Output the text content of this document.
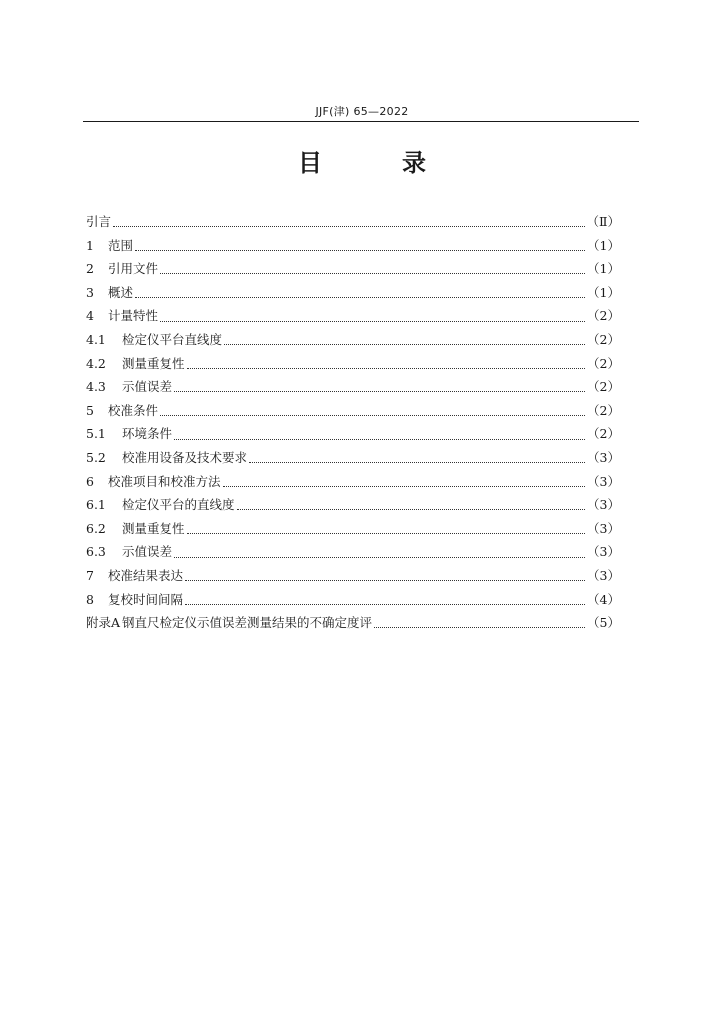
JJF(津) 65—2022
目	录
引言	（Ⅱ）
1	范围	（1）
2	引用文件	（1）
3	概述	（1）
4	计量特性	（2）
4.1	检定仪平台直线度	（2）
4.2	测量重复性	（2）
4.3	示值误差	（2）
5	校准条件	（2）
5.1	环境条件	（2）
5.2	校准用设备及技术要求	（3）
6	校准项目和校准方法	（3）
6.1	检定仪平台的直线度	（3）
6.2	测量重复性	（3）
6.3	示值误差	（3）
7	校准结果表达	（3）
8	复校时间间隔	（4）
附录A 钢直尺检定仪示值误差测量结果的不确定度评	（5）
